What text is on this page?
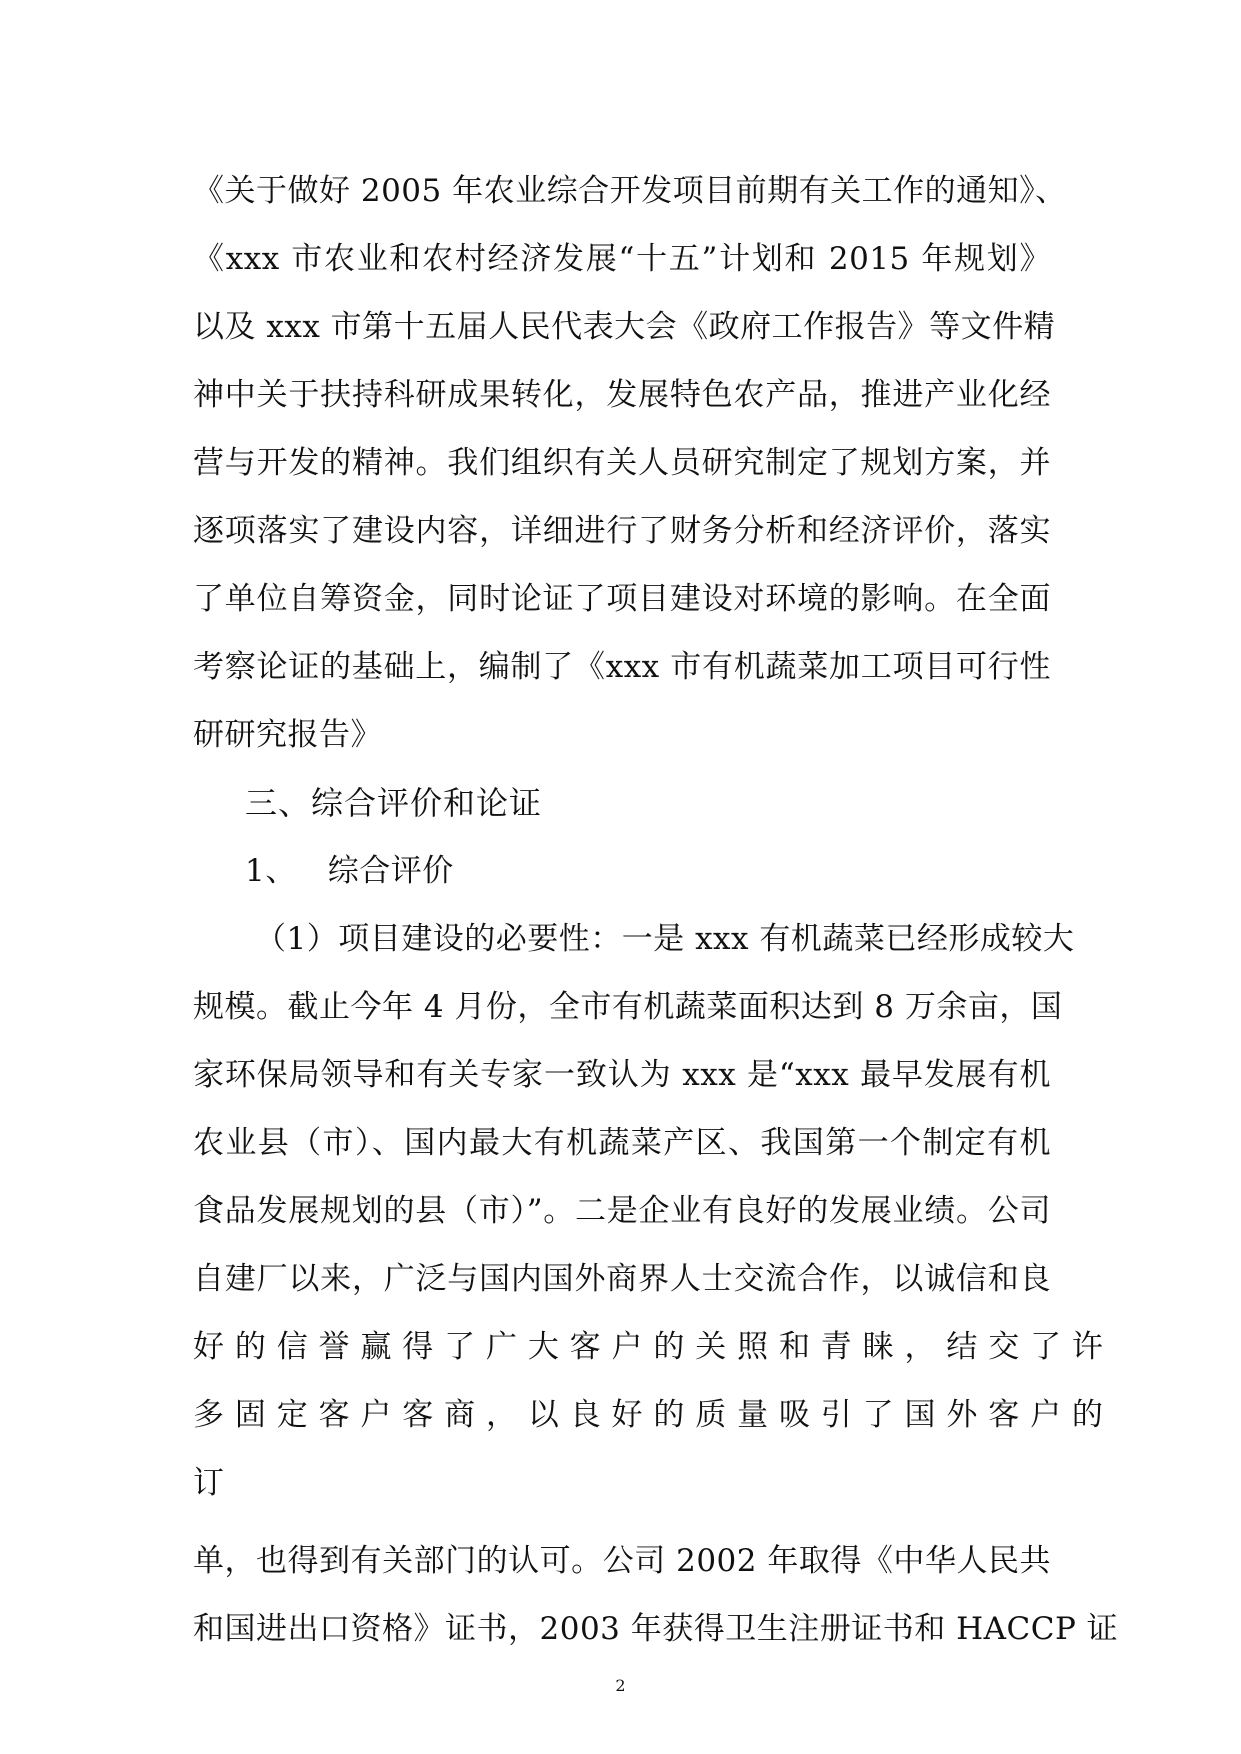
《关于做好 2005 年农业综合开发项目前期有关工作的通知》、
《xxx 市农业和农村经济发展“十五”计划和 2015 年规划》
以及 xxx 市第十五届人民代表大会《政府工作报告》等文件精
神中关于扶持科研成果转化，发展特色农产品，推进产业化经
营与开发的精神。我们组织有关人员研究制定了规划方案，并
逐项落实了建设内容，详细进行了财务分析和经济评价，落实
了单位自筹资金，同时论证了项目建设对环境的影响。在全面
考察论证的基础上，编制了《xxx 市有机蔬菜加工项目可行性
研研究报告》
三、综合评价和论证
1、   综合评价
（1）项目建设的必要性：一是 xxx 有机蔬菜已经形成较大
规模。截止今年 4 月份，全市有机蔬菜面积达到 8 万余亩，国
家环保局领导和有关专家一致认为 xxx 是“xxx 最早发展有机
农业县（市）、国内最大有机蔬菜产区、我国第一个制定有机
食品发展规划的县（市）”。二是企业有良好的发展业绩。公司
自建厂以来，广泛与国内国外商界人士交流合作，以诚信和良
好 的 信 誉 赢 得 了 广 大 客 户 的 关 照 和 青 睐 ， 结 交 了 许
多 固 定 客 户 客 商 ， 以 良 好 的 质 量 吸 引 了 国 外 客 户 的
订
单，也得到有关部门的认可。公司 2002 年取得《中华人民共
和国进出口资格》证书，2003 年获得卫生注册证书和 HACCP 证
2
